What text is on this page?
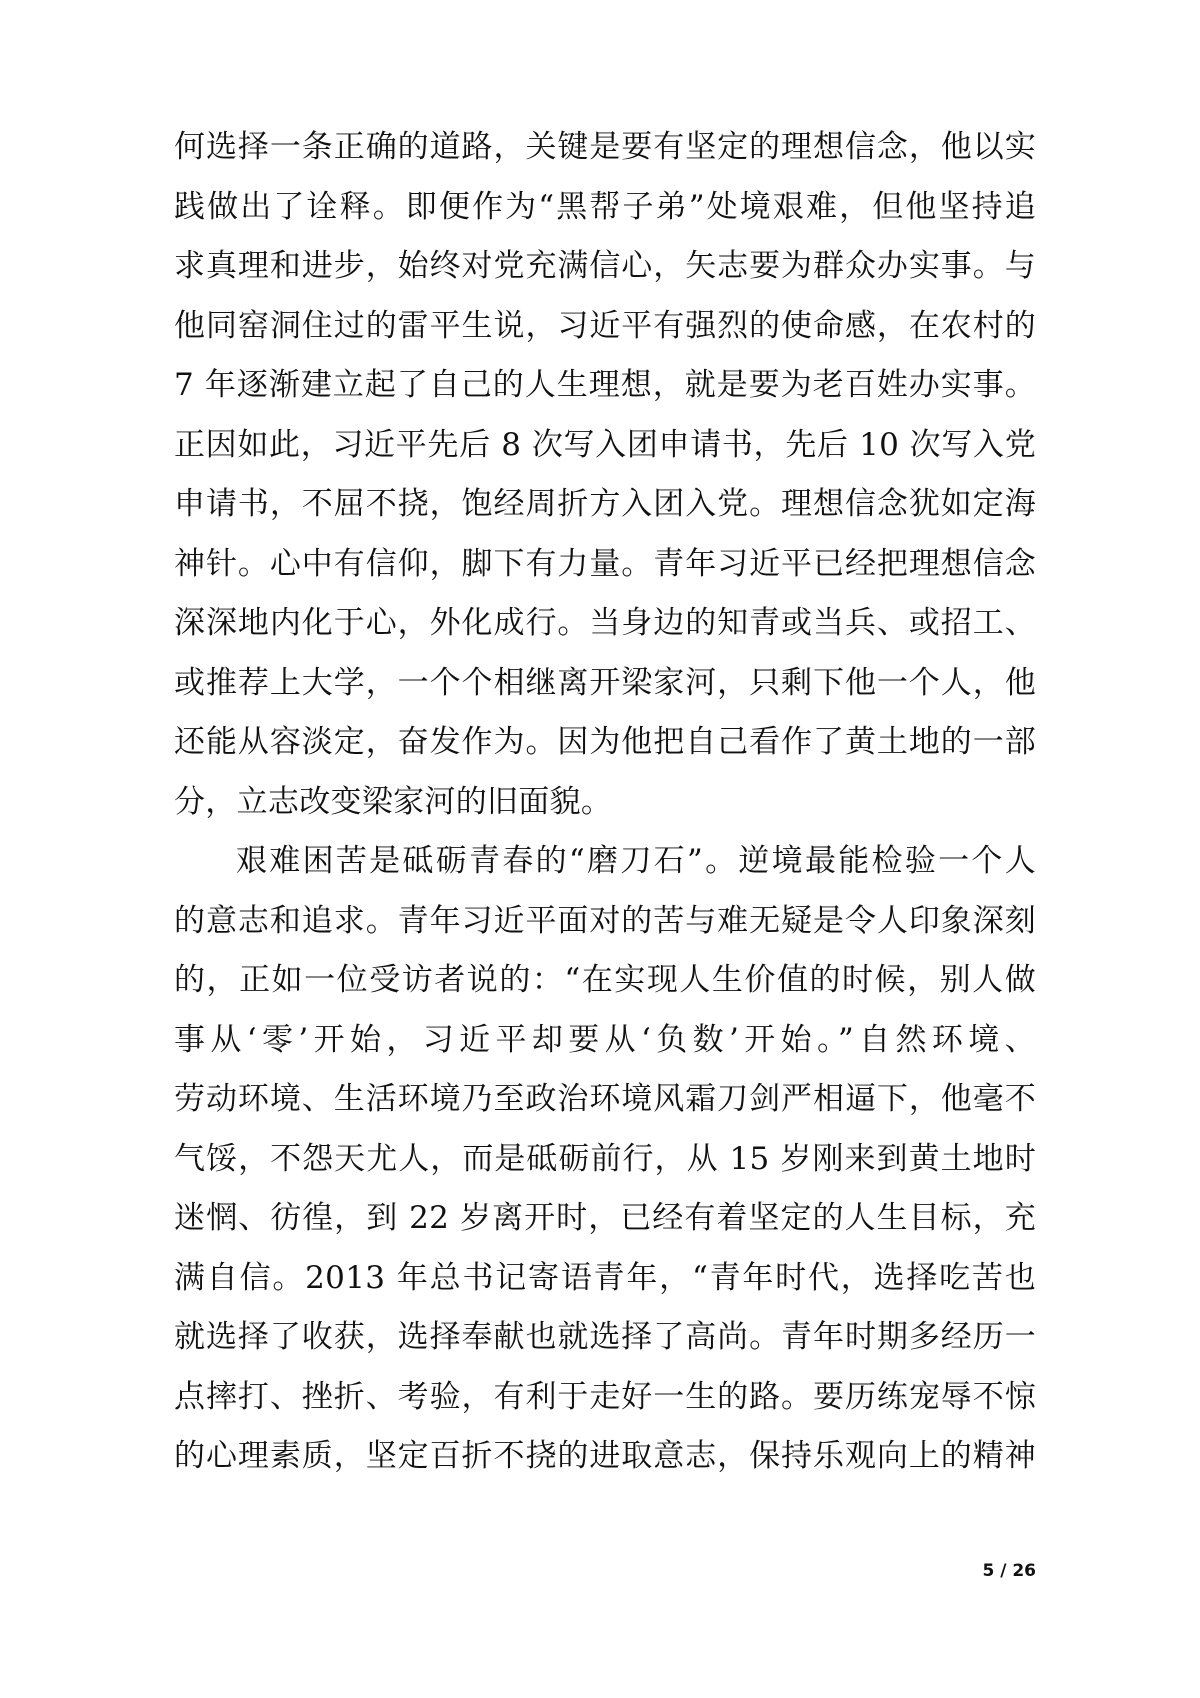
何选择一条正确的道路，关键是要有坚定的理想信念，他以实
践做出了诠释。即便作为“黑帮子弟”处境艰难，但他坚持追
求真理和进步，始终对党充满信心，矢志要为群众办实事。与
他同窑洞住过的雷平生说，习近平有强烈的使命感，在农村的
7 年逐渐建立起了自己的人生理想，就是要为老百姓办实事。
正因如此，习近平先后 8 次写入团申请书，先后 10 次写入党
申请书，不屈不挠，饱经周折方入团入党。理想信念犹如定海
神针。心中有信仰，脚下有力量。青年习近平已经把理想信念
深深地内化于心，外化成行。当身边的知青或当兵、或招工、
或推荐上大学，一个个相继离开梁家河，只剩下他一个人，他
还能从容淡定，奋发作为。因为他把自己看作了黄土地的一部
分，立志改变梁家河的旧面貌。
艰难困苦是砥砺青春的“磨刀石”。逆境最能检验一个人
的意志和追求。青年习近平面对的苦与难无疑是令人印象深刻
的，正如一位受访者说的：“在实现人生价值的时候，别人做
事从‘零’开始，习近平却要从‘负数’开始。”自然环境、
劳动环境、生活环境乃至政治环境风霜刀剑严相逼下，他毫不
气馁，不怨天尤人，而是砥砺前行，从 15 岁刚来到黄土地时
迷惘、彷徨，到 22 岁离开时，已经有着坚定的人生目标，充
满自信。2013 年总书记寄语青年，“青年时代，选择吃苦也
就选择了收获，选择奉献也就选择了高尚。青年时期多经历一
点摔打、挫折、考验，有利于走好一生的路。要历练宠辱不惊
的心理素质，坚定百折不挠的进取意志，保持乐观向上的精神
5 / 26
